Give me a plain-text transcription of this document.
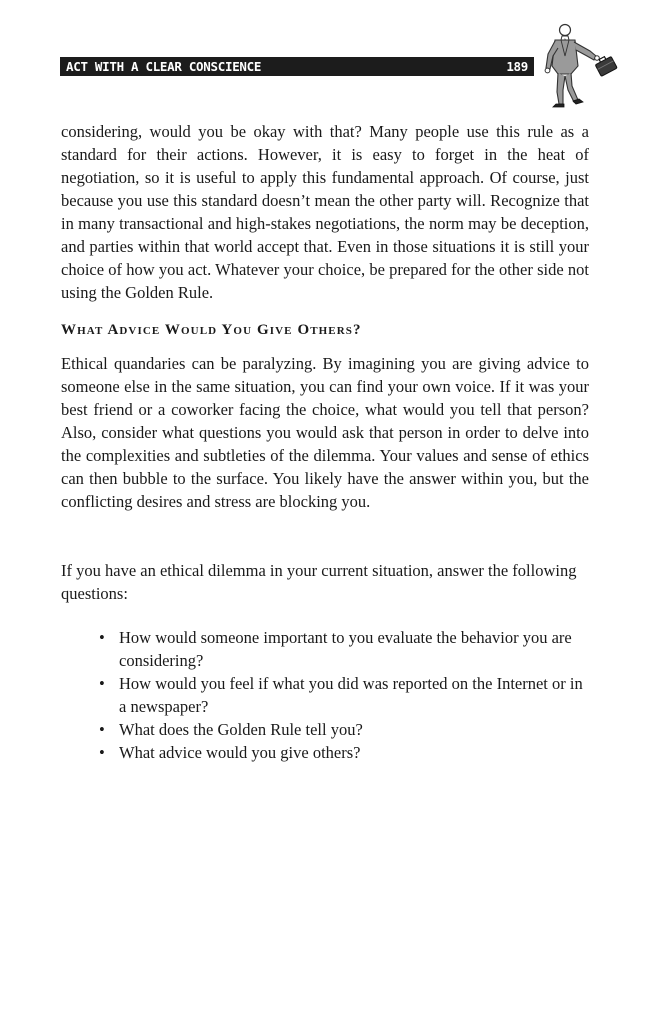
ACT WITH A CLEAR CONSCIENCE	189

considering, would you be okay with that? Many people use this rule as a standard for their actions. However, it is easy to forget in the heat of negotiation, so it is useful to apply this fundamental approach. Of course, just because you use this standard doesn’t mean the other party will. Recognize that in many transactional and high-stakes negotiations, the norm may be deception, and parties within that world accept that. Even in those situations it is still your choice of how you act. Whatever your choice, be prepared for the other side not using the Golden Rule.

What Advice Would You Give Others?

Ethical quandaries can be paralyzing. By imagining you are giving advice to someone else in the same situation, you can find your own voice. If it was your best friend or a coworker facing the choice, what would you tell that person? Also, consider what questions you would ask that person in order to delve into the complexities and subtleties of the dilemma. Your values and sense of ethics can then bubble to the surface. You likely have the answer within you, but the conflicting desires and stress are blocking you.

If you have an ethical dilemma in your current situation, answer the following questions:

• How would someone important to you evaluate the behavior you are considering?
• How would you feel if what you did was reported on the Internet or in a newspaper?
• What does the Golden Rule tell you?
• What advice would you give others?
